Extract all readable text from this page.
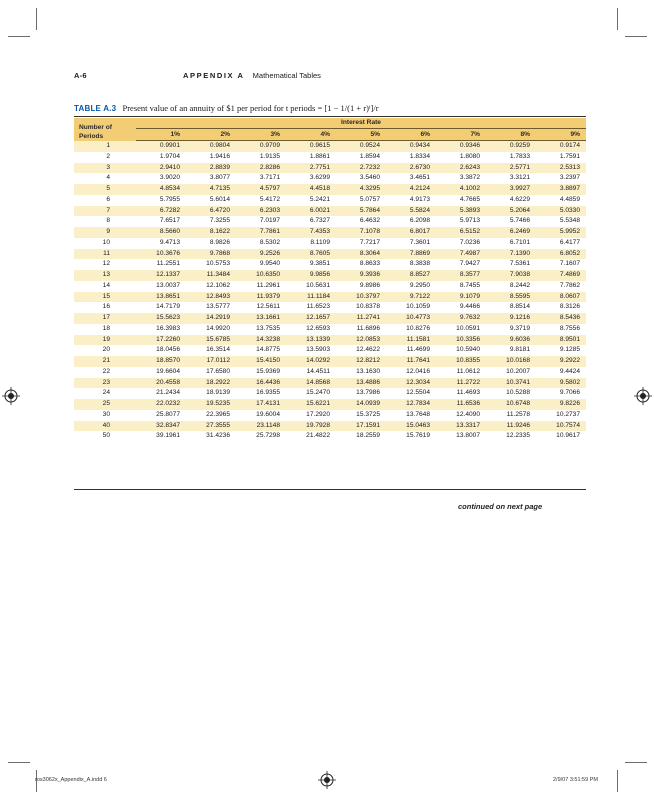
A-6	APPENDIX A Mathematical Tables
TABLE A.3 Present value of an annuity of $1 per period for t periods = [1 − 1/(1 + r)ᵗ]/r
Number of
Periods	Interest Rate								
	1%	2%	3%	4%	5%	6%	7%	8%	9%
1	0.9901	0.9804	0.9709	0.9615	0.9524	0.9434	0.9346	0.9259	0.9174
2	1.9704	1.9416	1.9135	1.8861	1.8594	1.8334	1.8080	1.7833	1.7591
3	2.9410	2.8839	2.8286	2.7751	2.7232	2.6730	2.6243	2.5771	2.5313
4	3.9020	3.8077	3.7171	3.6299	3.5460	3.4651	3.3872	3.3121	3.2397
5	4.8534	4.7135	4.5797	4.4518	4.3295	4.2124	4.1002	3.9927	3.8897
6	5.7955	5.6014	5.4172	5.2421	5.0757	4.9173	4.7665	4.6229	4.4859
7	6.7282	6.4720	6.2303	6.0021	5.7864	5.5824	5.3893	5.2064	5.0330
8	7.6517	7.3255	7.0197	6.7327	6.4632	6.2098	5.9713	5.7466	5.5348
9	8.5660	8.1622	7.7861	7.4353	7.1078	6.8017	6.5152	6.2469	5.9952
10	9.4713	8.9826	8.5302	8.1109	7.7217	7.3601	7.0236	6.7101	6.4177
11	10.3676	9.7868	9.2526	8.7605	8.3064	7.8869	7.4987	7.1390	6.8052
12	11.2551	10.5753	9.9540	9.3851	8.8633	8.3838	7.9427	7.5361	7.1607
13	12.1337	11.3484	10.6350	9.9856	9.3936	8.8527	8.3577	7.9038	7.4869
14	13.0037	12.1062	11.2961	10.5631	9.8986	9.2950	8.7455	8.2442	7.7862
15	13.8651	12.8493	11.9379	11.1184	10.3797	9.7122	9.1079	8.5595	8.0607
16	14.7179	13.5777	12.5611	11.6523	10.8378	10.1059	9.4466	8.8514	8.3126
17	15.5623	14.2919	13.1661	12.1657	11.2741	10.4773	9.7632	9.1216	8.5436
18	16.3983	14.9920	13.7535	12.6593	11.6896	10.8276	10.0591	9.3719	8.7556
19	17.2260	15.6785	14.3238	13.1339	12.0853	11.1581	10.3356	9.6036	8.9501
20	18.0456	16.3514	14.8775	13.5903	12.4622	11.4699	10.5940	9.8181	9.1285
21	18.8570	17.0112	15.4150	14.0292	12.8212	11.7641	10.8355	10.0168	9.2922
22	19.6604	17.6580	15.9369	14.4511	13.1630	12.0416	11.0612	10.2007	9.4424
23	20.4558	18.2922	16.4436	14.8568	13.4886	12.3034	11.2722	10.3741	9.5802
24	21.2434	18.9139	16.9355	15.2470	13.7986	12.5504	11.4693	10.5288	9.7066
25	22.0232	19.5235	17.4131	15.6221	14.0939	12.7834	11.6536	10.6748	9.8226
30	25.8077	22.3965	19.6004	17.2920	15.3725	13.7648	12.4090	11.2578	10.2737
40	32.8347	27.3555	23.1148	19.7928	17.1591	15.0463	13.3317	11.9246	10.7574
50	39.1961	31.4236	25.7298	21.4822	18.2559	15.7619	13.8007	12.2335	10.9617
continued on next page
ros3062x_Appendix_A.indd 6	2/9/07 3:51:59 PM
